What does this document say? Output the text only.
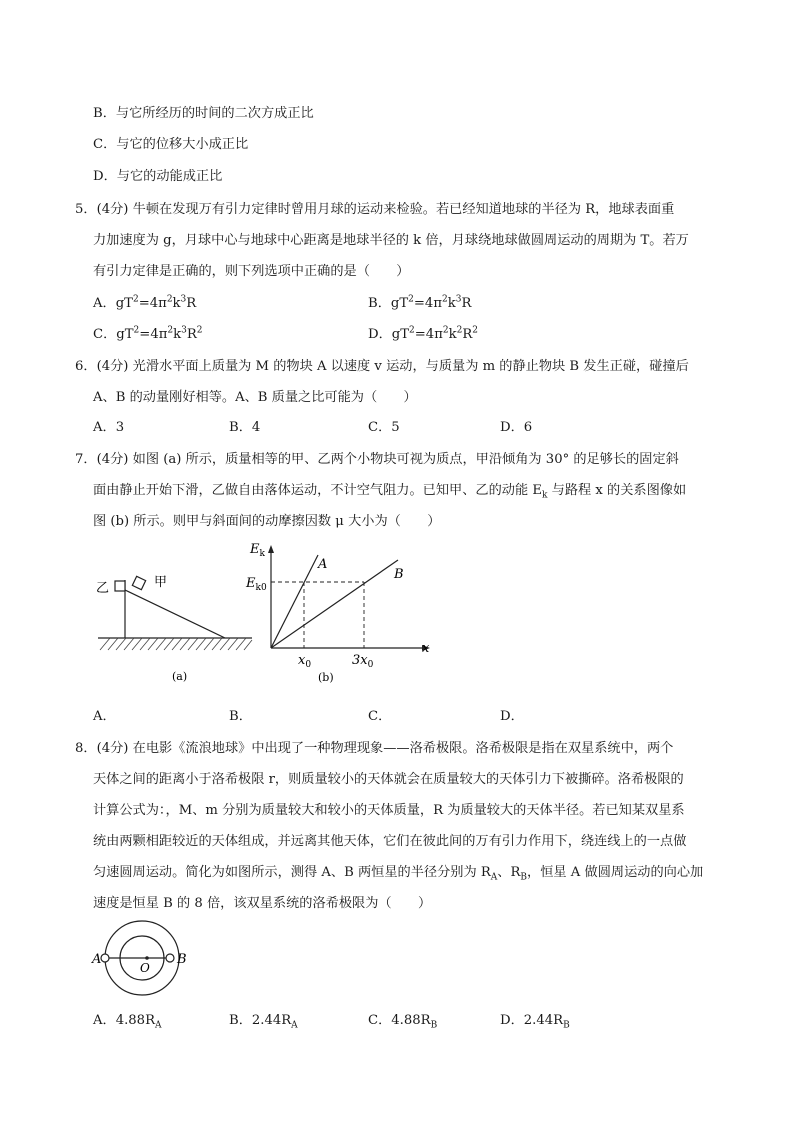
B．与它所经历的时间的二次方成正比
C．与它的位移大小成正比
D．与它的动能成正比
5．(4分) 牛顿在发现万有引力定律时曾用月球的运动来检验。若已经知道地球的半径为 R，地球表面重
力加速度为 g，月球中心与地球中心距离是地球半径的 k 倍，月球绕地球做圆周运动的周期为 T。若万
有引力定律是正确的，则下列选项中正确的是（　　）
A．$gT^2=4\pi^2k^3R$	B．$gT^2=4\pi^2k^3R$
C．$gT^2=4\pi^2k^3R^2$	D．$gT^2=4\pi^2k^2R^2$
6．(4分) 光滑水平面上质量为 M 的物块 A 以速度 v 运动，与质量为 m 的静止物块 B 发生正碰，碰撞后
A、B 的动量刚好相等。A、B 质量之比可能为（　　）
A．3	B．4	C．5	D．6
7．(4分) 如图 (a) 所示，质量相等的甲、乙两个小物块可视为质点，甲沿倾角为 30° 的足够长的固定斜
面由静止开始下滑，乙做自由落体运动，不计空气阻力。已知甲、乙的动能 $E_k$ 与路程 x 的关系图像如
图 (b) 所示。则甲与斜面间的动摩擦因数 μ 大小为（　　）
乙	甲
(a)
$E_k$
$E_{k0}$
A
B
x
$x_0$	$3x_0$
(b)
A．	B．	C．	D．
8．(4分) 在电影《流浪地球》中出现了一种物理现象——洛希极限。洛希极限是指在双星系统中，两个
天体之间的距离小于洛希极限 r，则质量较小的天体就会在质量较大的天体引力下被撕碎。洛希极限的
计算公式为：，M、m 分别为质量较大和较小的天体质量，R 为质量较大的天体半径。若已知某双星系
统由两颗相距较近的天体组成，并远离其他天体，它们在彼此间的万有引力作用下，绕连线上的一点做
匀速圆周运动。简化为如图所示，测得 A、B 两恒星的半径分别为 $R_A$、$R_B$，恒星 A 做圆周运动的向心加
速度是恒星 B 的 8 倍，该双星系统的洛希极限为（　　）
A	B
O
A．$4.88R_A$	B．$2.44R_A$	C．$4.88R_B$	D．$2.44R_B$
